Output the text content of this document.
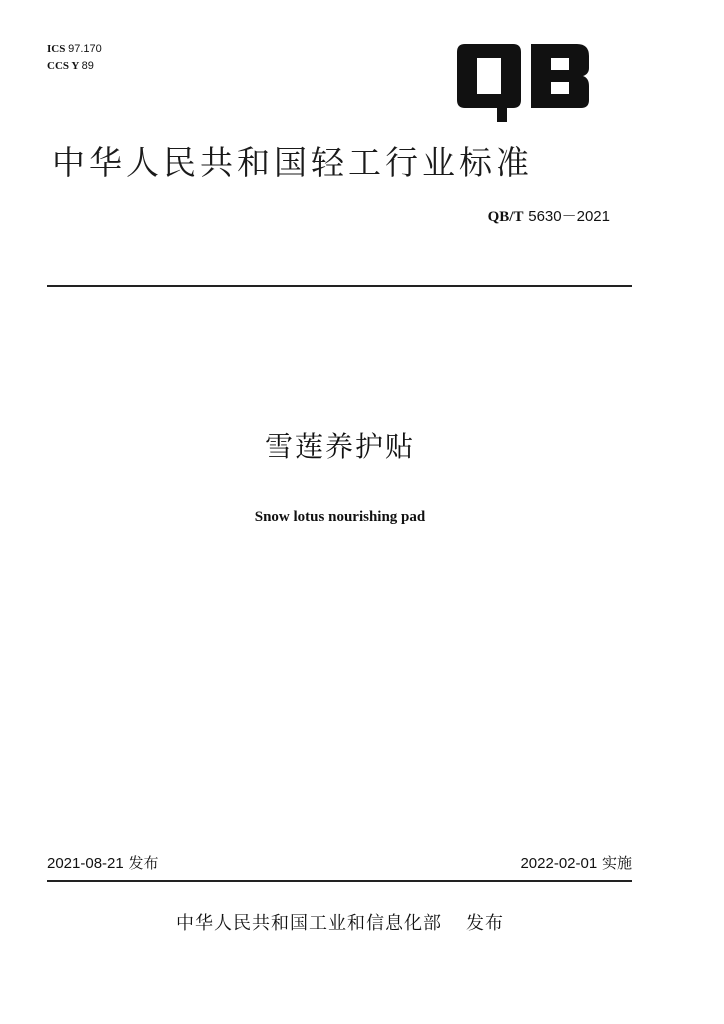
ICS 97.170
CCS Y 89
中华人民共和国轻工行业标准
QB/T 5630－2021
雪莲养护贴
Snow lotus nourishing pad
2021-08-21 发布	2022-02-01 实施
中华人民共和国工业和信息化部 发布
